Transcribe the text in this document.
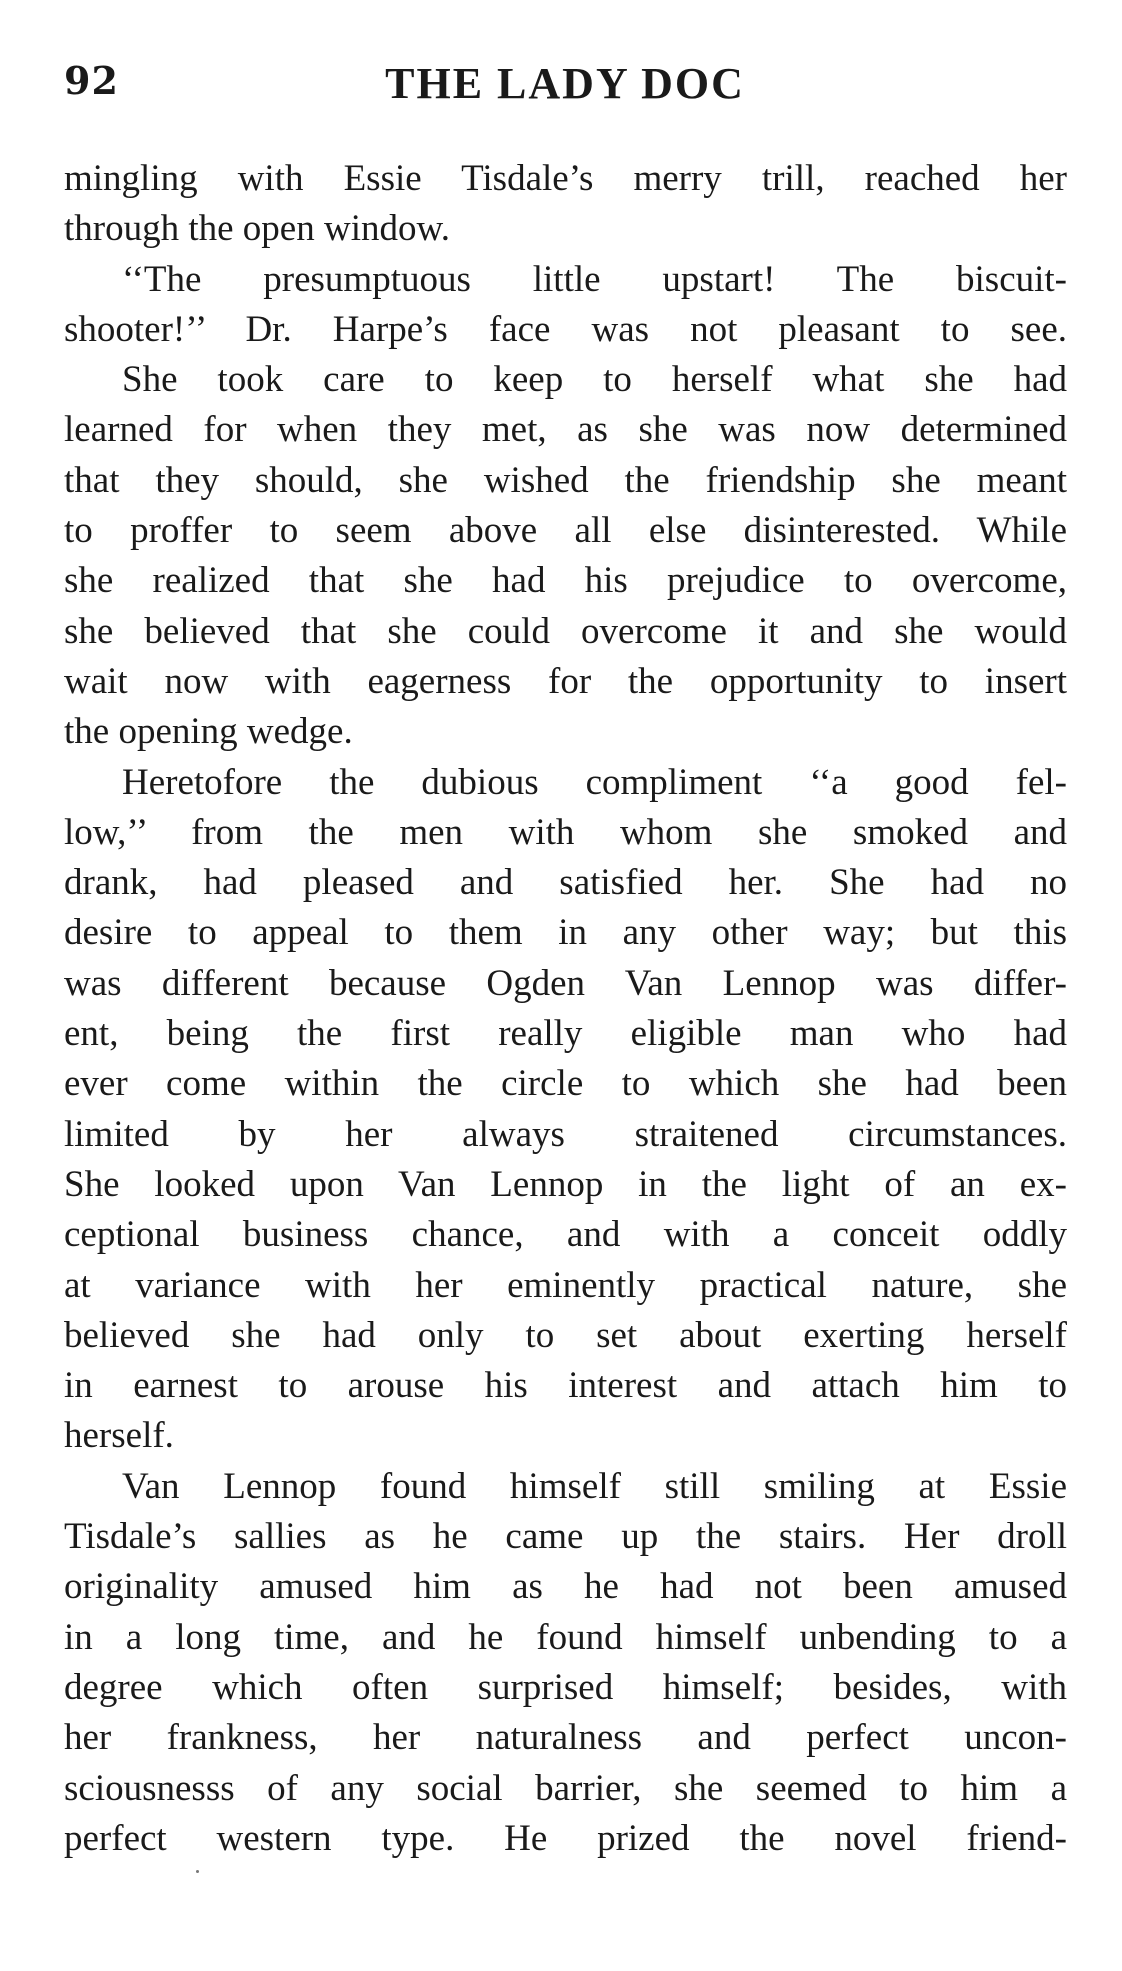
92	THE LADY DOC
mingling with Essie Tisdale’s merry trill, reached her
through the open window.
‘‘The presumptuous little upstart! The biscuit-
shooter!’’ Dr. Harpe’s face was not pleasant to see.
She took care to keep to herself what she had
learned for when they met, as she was now determined
that they should, she wished the friendship she meant
to proffer to seem above all else disinterested. While
she realized that she had his prejudice to overcome,
she believed that she could overcome it and she would
wait now with eagerness for the opportunity to insert
the opening wedge.
Heretofore the dubious compliment ‘‘a good fel-
low,’’ from the men with whom she smoked and
drank, had pleased and satisfied her. She had no
desire to appeal to them in any other way; but this
was different because Ogden Van Lennop was differ-
ent, being the first really eligible man who had
ever come within the circle to which she had been
limited by her always straitened circumstances.
She looked upon Van Lennop in the light of an ex-
ceptional business chance, and with a conceit oddly
at variance with her eminently practical nature, she
believed she had only to set about exerting herself
in earnest to arouse his interest and attach him to
herself.
Van Lennop found himself still smiling at Essie
Tisdale’s sallies as he came up the stairs. Her droll
originality amused him as he had not been amused
in a long time, and he found himself unbending to a
degree which often surprised himself; besides, with
her frankness, her naturalness and perfect uncon-
sciousnesss of any social barrier, she seemed to him a
perfect western type. He prized the novel friend-
